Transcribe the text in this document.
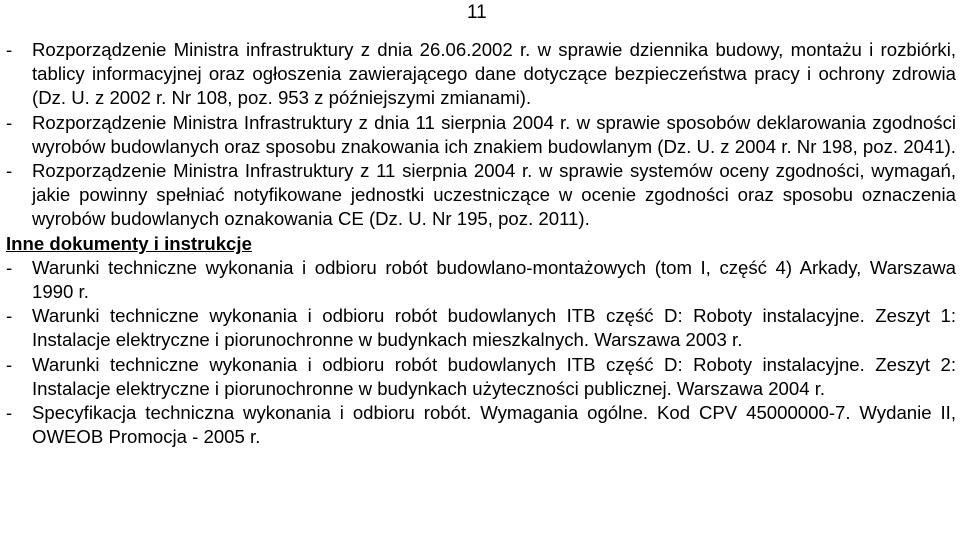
11
-	Rozporządzenie Ministra infrastruktury z dnia 26.06.2002 r. w sprawie dziennika budowy, montażu i rozbiórki, tablicy informacyjnej oraz ogłoszenia zawierającego dane dotyczące bezpieczeństwa pracy i ochrony zdrowia (Dz. U. z 2002 r. Nr 108, poz. 953 z późniejszymi zmianami).
-	Rozporządzenie Ministra Infrastruktury z dnia 11 sierpnia 2004 r. w sprawie sposobów deklarowania zgodności wyrobów budowlanych oraz sposobu znakowania ich znakiem budowlanym (Dz. U. z 2004 r. Nr 198, poz. 2041).
-	Rozporządzenie Ministra Infrastruktury z 11 sierpnia 2004 r. w sprawie systemów oceny zgodności, wymagań, jakie powinny spełniać notyfikowane jednostki uczestniczące w ocenie zgodności oraz sposobu oznaczenia wyrobów budowlanych oznakowania CE (Dz. U. Nr 195, poz. 2011).
Inne dokumenty i instrukcje
-	Warunki techniczne wykonania i odbioru robót budowlano-montażowych (tom I, część 4) Arkady, Warszawa 1990 r.
-	Warunki techniczne wykonania i odbioru robót budowlanych ITB część D: Roboty instalacyjne. Zeszyt 1: Instalacje elektryczne i piorunochronne w budynkach mieszkalnych. Warszawa 2003 r.
-	Warunki techniczne wykonania i odbioru robót budowlanych ITB część D: Roboty instalacyjne. Zeszyt 2: Instalacje elektryczne i piorunochronne w budynkach użyteczności publicznej. Warszawa 2004 r.
-	Specyfikacja techniczna wykonania i odbioru robót. Wymagania ogólne. Kod CPV 45000000-7. Wydanie II, OWEOB Promocja - 2005 r.
